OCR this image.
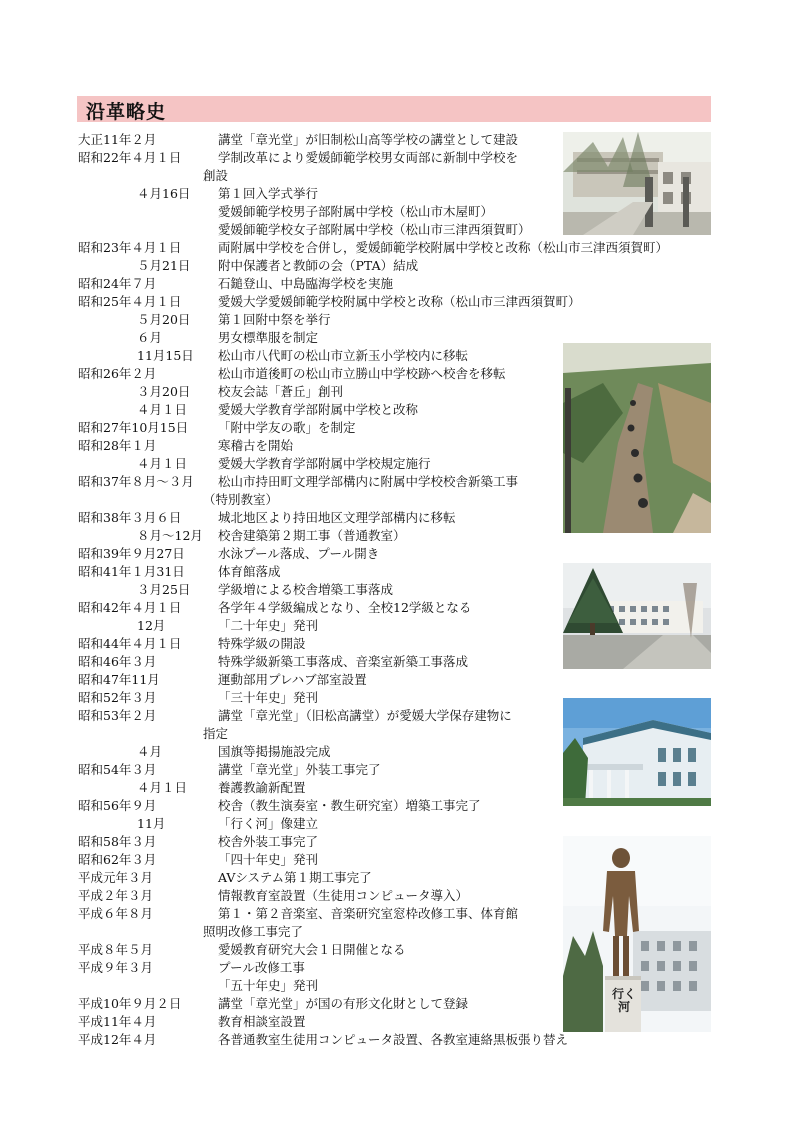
沿革略史
大正11年２月	講堂「章光堂」が旧制松山高等学校の講堂として建設
昭和22年４月１日	学制改革により愛媛師範学校男女両部に新制中学校を
創設
４月16日 第１回入学式挙行
愛媛師範学校男子部附属中学校（松山市木屋町）
愛媛師範学校女子部附属中学校（松山市三津西須賀町）
昭和23年４月１日	両附属中学校を合併し，愛媛師範学校附属中学校と改称（松山市三津西須賀町）
５月21日 附中保護者と教師の会（PTA）結成
昭和24年７月	石鎚登山、中島臨海学校を実施
昭和25年４月１日	愛媛大学愛媛師範学校附属中学校と改称（松山市三津西須賀町）
５月20日 第１回附中祭を挙行
６月	男女標準服を制定
11月15日 松山市八代町の松山市立新玉小学校内に移転
昭和26年２月	松山市道後町の松山市立勝山中学校跡へ校舎を移転
３月20日 校友会誌「蒼丘」創刊
４月１日 愛媛大学教育学部附属中学校と改称
昭和27年10月15日 「附中学友の歌」を制定
昭和28年１月	寒稽古を開始
４月１日 愛媛大学教育学部附属中学校規定施行
昭和37年８月～３月 松山市持田町文理学部構内に附属中学校校舎新築工事
（特別教室）
昭和38年３月６日	城北地区より持田地区文理学部構内に移転
８月～12月 校舎建築第２期工事（普通教室）
昭和39年９月27日	水泳プール落成、プール開き
昭和41年１月31日	体育館落成
３月25日 学級増による校舎増築工事落成
昭和42年４月１日	各学年４学級編成となり、全校12学級となる
12月	「二十年史」発刊
昭和44年４月１日	特殊学級の開設
昭和46年３月	特殊学級新築工事落成、音楽室新築工事落成
昭和47年11月	運動部用プレハブ部室設置
昭和52年３月	「三十年史」発刊
昭和53年２月	講堂「章光堂」（旧松高講堂）が愛媛大学保存建物に
指定
４月	国旗等掲揚施設完成
昭和54年３月	講堂「章光堂」外装工事完了
４月１日 養護教諭新配置
昭和56年９月	校舎（教生演奏室・教生研究室）増築工事完了
11月	「行く河」像建立
昭和58年３月	校舎外装工事完了
昭和62年３月	「四十年史」発刊
平成元年３月	AVシステム第１期工事完了
平成２年３月	情報教育室設置（生徒用コンピュータ導入）
平成６年８月	第１・第２音楽室、音楽研究室窓枠改修工事、体育館
照明改修工事完了
平成８年５月	愛媛教育研究大会１日開催となる
平成９年３月	プール改修工事
「五十年史」発刊
平成10年９月２日	講堂「章光堂」が国の有形文化財として登録
平成11年４月	教育相談室設置
平成12年４月	各普通教室生徒用コンピュータ設置、各教室連絡黒板張り替え
行く河
